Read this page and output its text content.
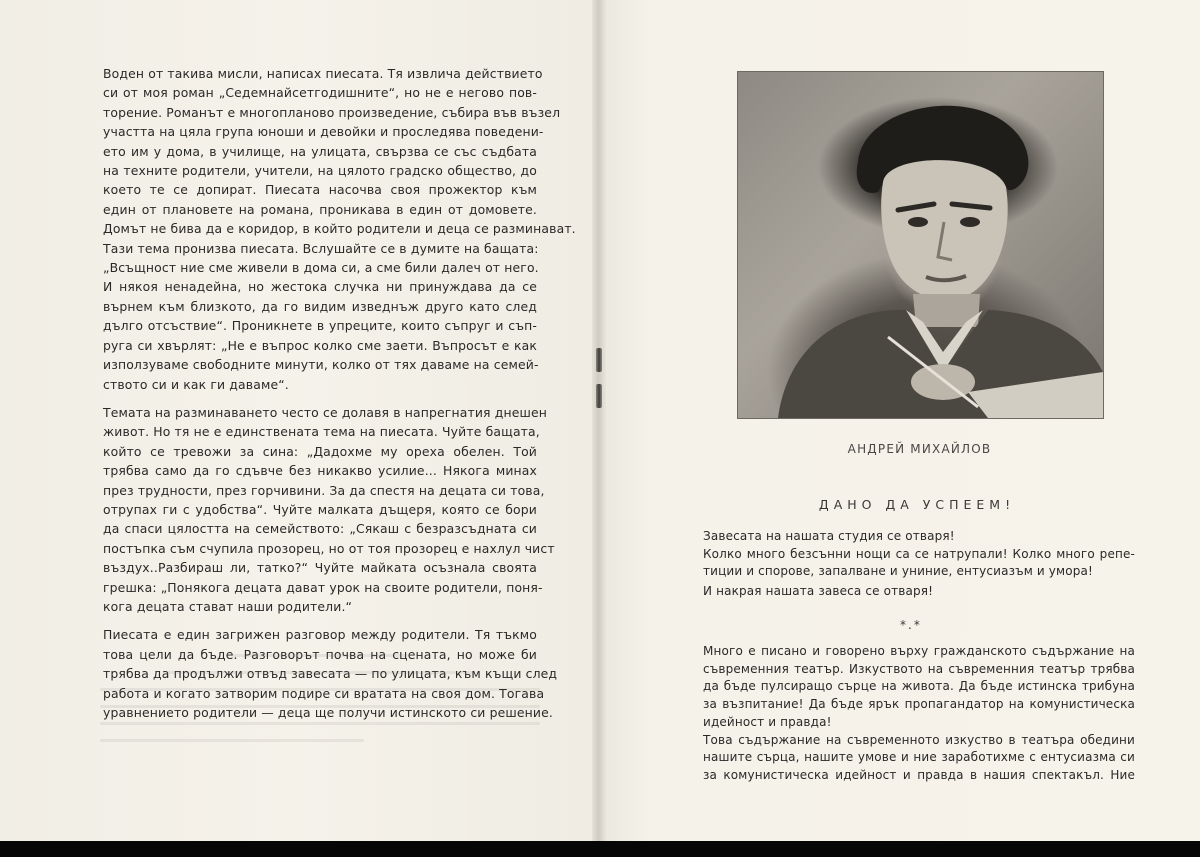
Воден от такива мисли, написах пиесата. Тя извлича действието
си от моя роман „Седемнайсетгодишните“, но не е негово пов-
торение. Романът е многопланово произведение, събира във възел
участта на цяла група юноши и девойки и проследява поведени-
ето им у дома, в училище, на улицата, свързва се със съдбата
на техните родители, учители, на цялото градско общество, до
което те се допират. Пиесата насочва своя прожектор към
един от плановете на романа, проникава в един от домовете.
Домът не бива да е коридор, в който родители и деца се разминават.
Тази тема пронизва пиесата. Вслушайте се в думите на бащата:
„Всъщност ние сме живели в дома си, а сме били далеч от него.
И някоя ненадейна, но жестока случка ни принуждава да се
върнем към близкото, да го видим изведнъж друго като след
дълго отсъствие“. Проникнете в упреците, които съпруг и съп-
руга си хвърлят: „Не е въпрос колко сме заети. Въпросът е как
използуваме свободните минути, колко от тях даваме на семей-
ството си и как ги даваме“.

Темата на разминаването често се долавя в напрегнатия днешен
живот. Но тя не е единствената тема на пиесата. Чуйте бащата,
който се тревожи за сина: „Дадохме му ореха обелен. Той
трябва само да го сдъвче без никакво усилие... Някога минах
през трудности, през горчивини. За да спестя на децата си това,
отрупах ги с удобства“. Чуйте малката дъщеря, която се бори
да спаси цялостта на семейството: „Сякаш с безразсъдната си
постъпка съм счупила прозорец, но от тоя прозорец е нахлул чист
въздух..Разбираш ли, татко?“ Чуйте майката осъзнала своята
грешка: „Понякога децата дават урок на своите родители, поня-
кога децата стават наши родители.“

Пиесата е един загрижен разговор между родители. Тя тъкмо
това цели да бъде. Разговорът почва на сцената, но може би
трябва да продължи отвъд завесата — по улицата, към къщи след
работа и когато затворим подире си вратата на своя дом. Тогава
уравнението родители — деца ще получи истинското си решение.

АНДРЕЙ МИХАЙЛОВ
ДАНО ДА УСПЕЕМ!
Завесата на нашата студия се отваря!
Колко много безсънни нощи са се натрупали! Колко много репе-
тиции и спорове, запалване и униние, ентусиазъм и умора!
И накрая нашата завеса се отваря!
*.*
Много е писано и говорено върху гражданското съдържание на
съвременния театър. Изкуството на съвременния театър трябва
да бъде пулсиращо сърце на живота. Да бъде истинска трибуна
за възпитание! Да бъде ярък пропагандатор на комунистическа
идейност и правда!
Това съдържание на съвременното изкуство в театъра обедини
нашите сърца, нашите умове и ние заработихме с ентусиазма си
за комунистическа идейност и правда в нашия спектакъл. Ние
